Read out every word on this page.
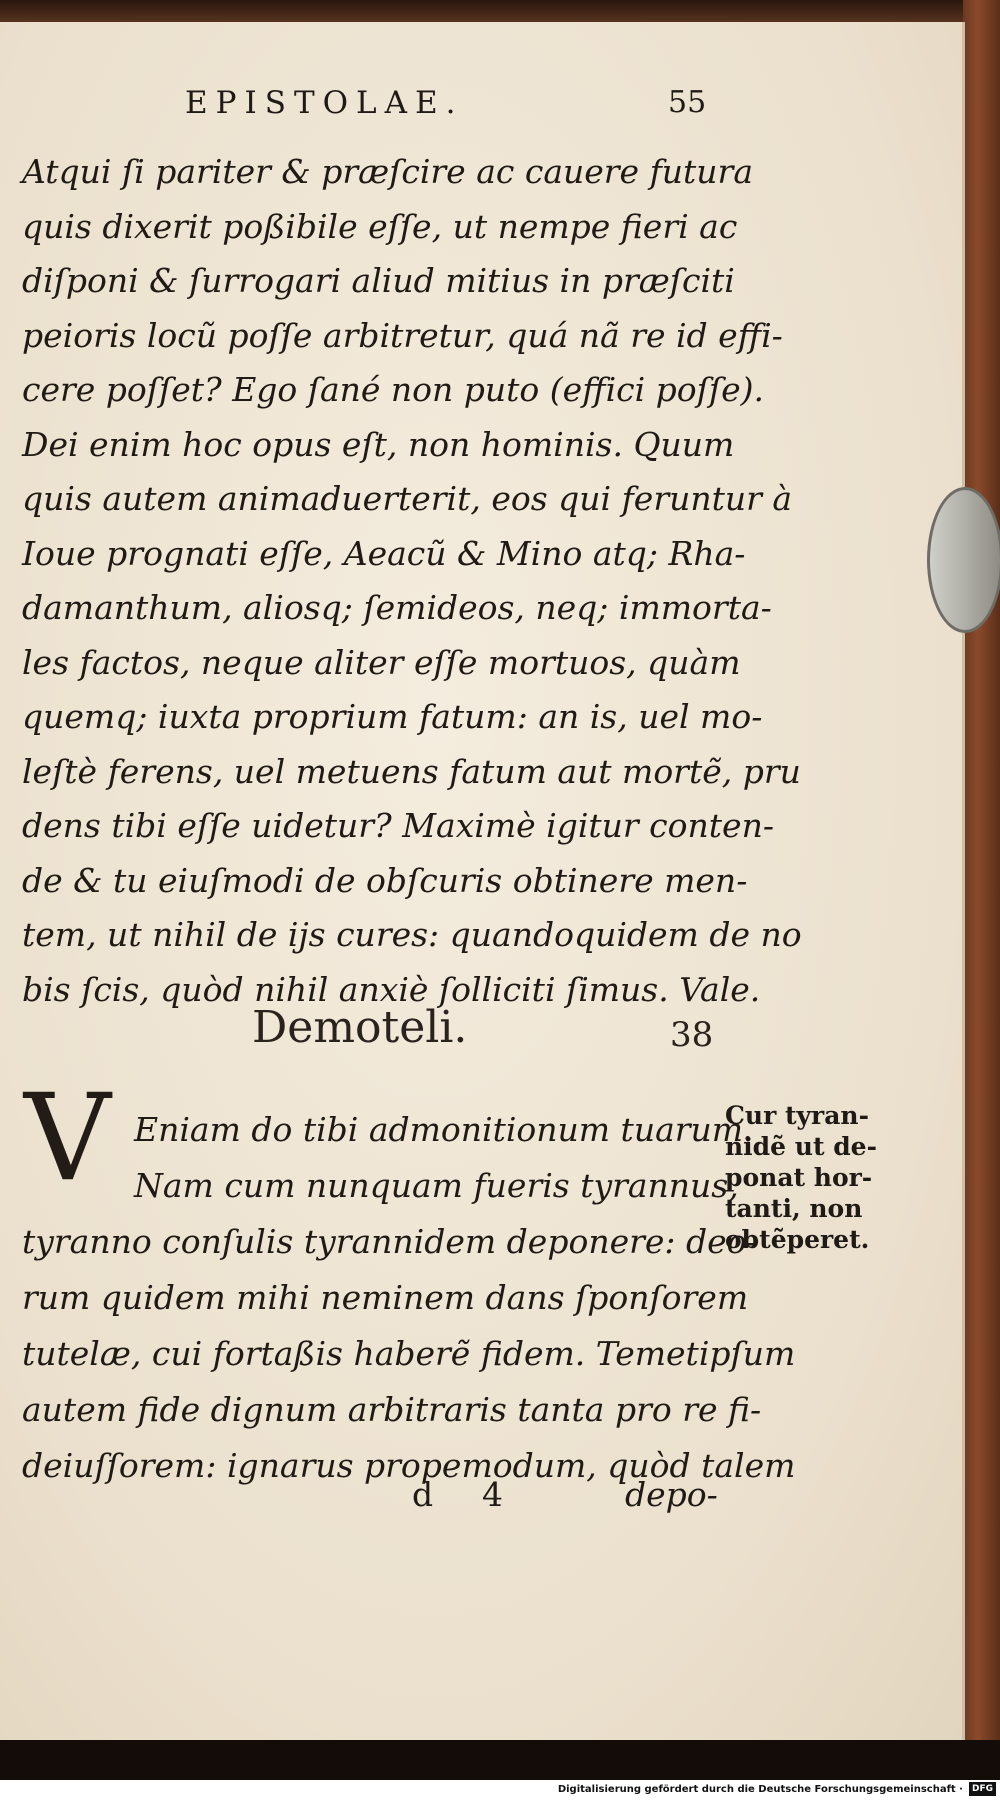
EPISTOLAE.	55
Atqui ſi pariter & præſcire ac cauere futura
quis dixerit poßibile eſſe, ut nempe fieri ac
diſponi & ſurrogari aliud mitius in præſciti
peioris locũ poſſe arbitretur, quá nã re id effi-
cere poſſet? Ego ſané non puto (effici poſſe).
Dei enim hoc opus eſt, non hominis. Quum
quis autem animaduerterit, eos qui feruntur à
Ioue prognati eſſe, Aeacũ & Mino atq; Rha-
damanthum, aliosq; ſemideos, neq; immorta-
les factos, neque aliter eſſe mortuos, quàm
quemq; iuxta proprium fatum: an is, uel mo-
leſtè ferens, uel metuens fatum aut mortẽ, pru
dens tibi eſſe uidetur? Maximè igitur conten-
de & tu eiuſmodi de obſcuris obtinere men-
tem, ut nihil de ijs cures: quandoquidem de no
bis ſcis, quòd nihil anxiè ſolliciti ſimus. Vale.
Demoteli.	38
V Eniam do tibi admonitionum tuarum.
Nam cum nunquam fueris tyrannus,
tyranno conſulis tyrannidem deponere: deo-
rum quidem mihi neminem dans ſponſorem
tutelæ, cui fortaßis haberẽ fidem. Temetipſum
autem fide dignum arbitraris tanta pro re fi-
deiuſſorem: ignarus propemodum, quòd talem
Cur tyran-
nidẽ ut de-
ponat hor-
tanti, non
obtẽperet.
d 4	depo-
Digitalisierung gefördert durch die Deutsche Forschungsgemeinschaft · DFG
